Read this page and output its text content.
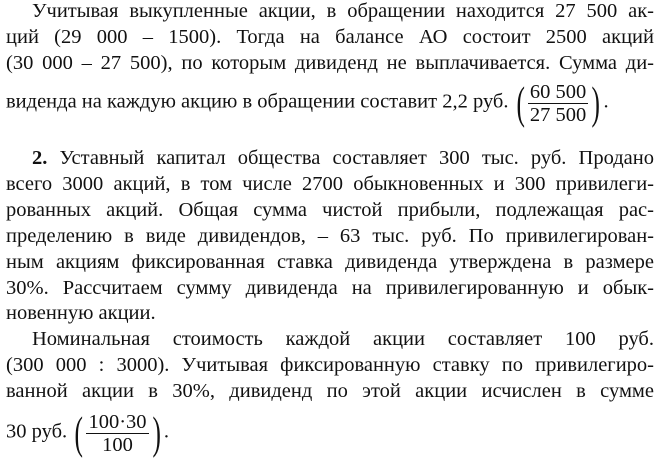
Учитывая выкупленные акции, в обращении находится 27 500 ак-
ций (29 000 – 1500). Тогда на балансе АО состоит 2500 акций
(30 000 – 27 500), по которым дивиденд не выплачивается. Сумма ди-
виденда на каждую акцию в обращении составит 2,2 руб. ( $\frac{60 500}{27 500}$ ) .
2. Уставный капитал общества составляет 300 тыс. руб. Продано
всего 3000 акций, в том числе 2700 обыкновенных и 300 привилеги-
рованных акций. Общая сумма чистой прибыли, подлежащая рас-
пределению в виде дивидендов, – 63 тыс. руб. По привилегирован-
ным акциям фиксированная ставка дивиденда утверждена в размере
30%. Рассчитаем сумму дивиденда на привилегированную и обык-
новенную акции.
Номинальная стоимость каждой акции составляет 100 руб.
(300 000 : 3000). Учитывая фиксированную ставку по привилегиро-
ванной акции в 30%, дивиденд по этой акции исчислен в сумме
30 руб. ( $\frac{100\cdot 30}{100}$ ) .
